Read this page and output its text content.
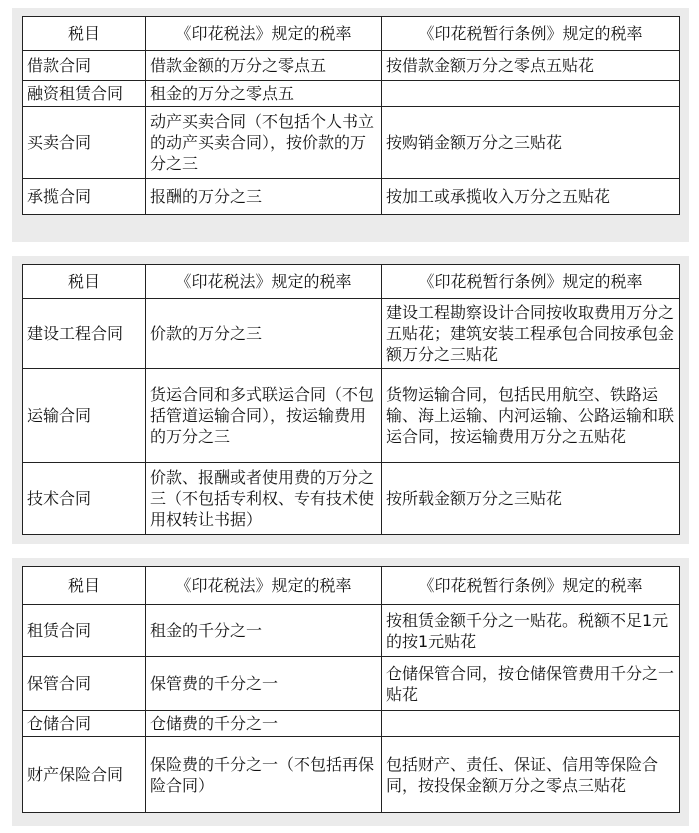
税目	《印花税法》规定的税率	《印花税暂行条例》规定的税率
借款合同	借款金额的万分之零点五	按借款金额万分之零点五贴花
融资租赁合同	租金的万分之零点五	
买卖合同	动产买卖合同（不包括个人书立的动产买卖合同），按价款的万分之三	按购销金额万分之三贴花
承揽合同	报酬的万分之三	按加工或承揽收入万分之五贴花
税目	《印花税法》规定的税率	《印花税暂行条例》规定的税率
建设工程合同	价款的万分之三	建设工程勘察设计合同按收取费用万分之五贴花；建筑安装工程承包合同按承包金额万分之三贴花
运输合同	货运合同和多式联运合同（不包括管道运输合同），按运输费用的万分之三	货物运输合同，包括民用航空、铁路运输、海上运输、内河运输、公路运输和联运合同，按运输费用万分之五贴花
技术合同	价款、报酬或者使用费的万分之三（不包括专利权、专有技术使用权转让书据）	按所载金额万分之三贴花
税目	《印花税法》规定的税率	《印花税暂行条例》规定的税率
租赁合同	租金的千分之一	按租赁金额千分之一贴花。税额不足1元的按1元贴花
保管合同	保管费的千分之一	仓储保管合同，按仓储保管费用千分之一贴花
仓储合同	仓储费的千分之一	
财产保险合同	保险费的千分之一（不包括再保险合同）	包括财产、责任、保证、信用等保险合同，按投保金额万分之零点三贴花
